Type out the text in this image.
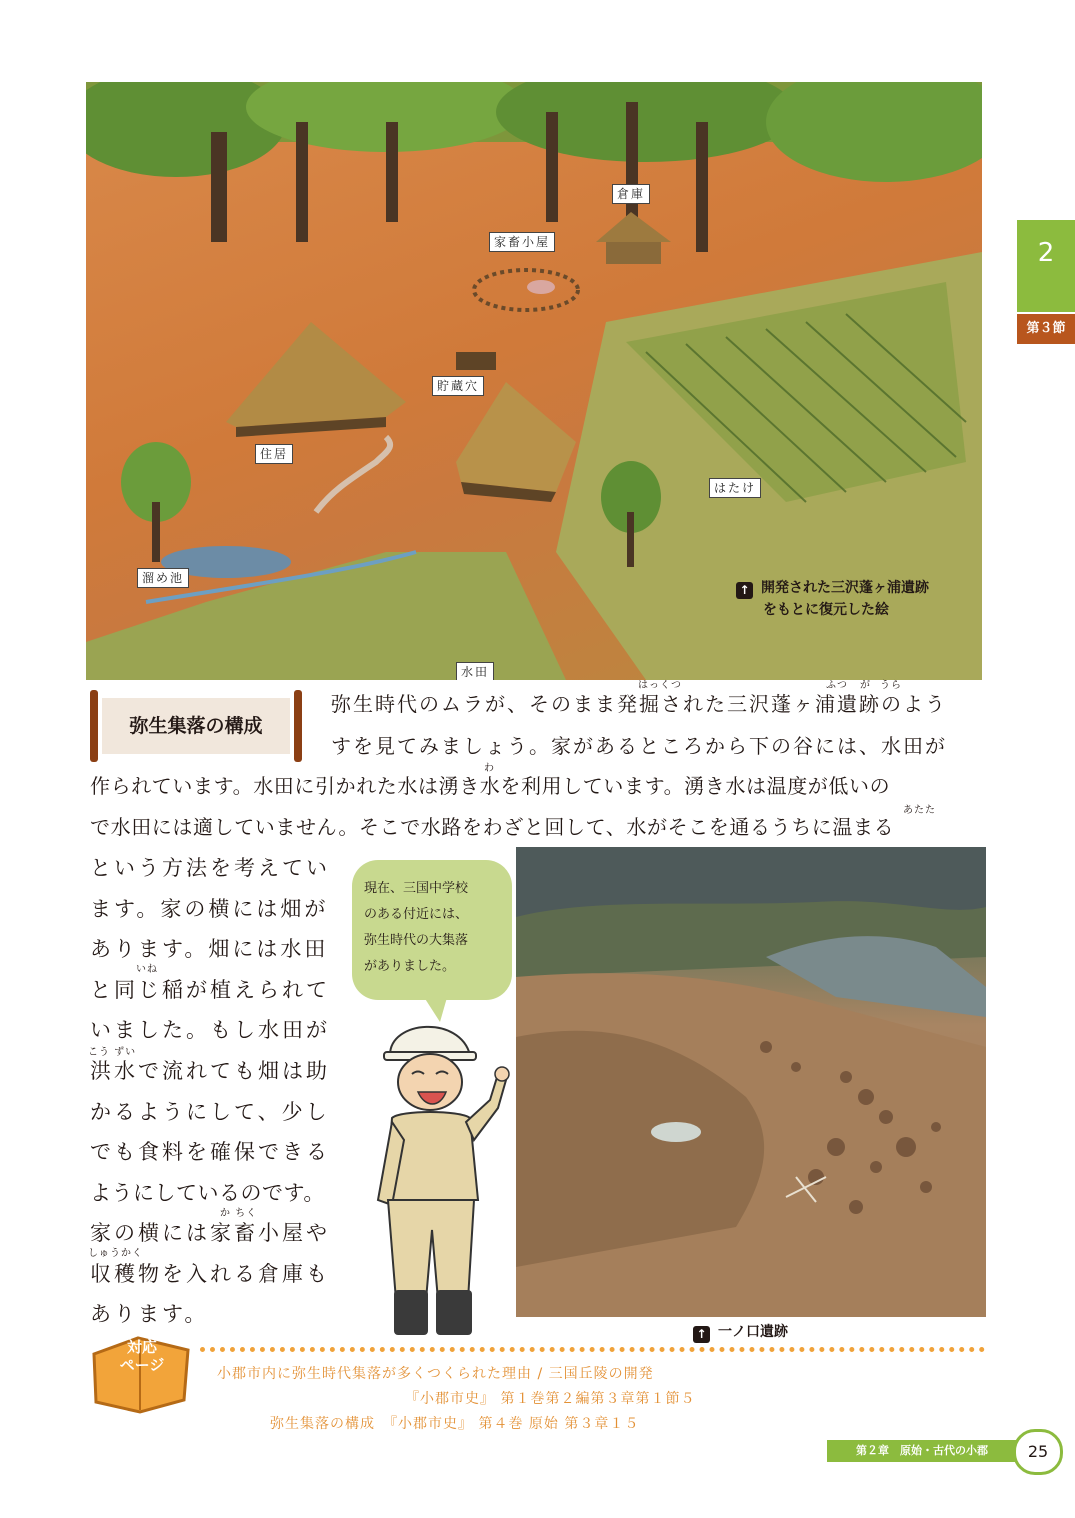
倉庫
家畜小屋
貯蔵穴
住居
はたけ
溜め池
水田
↑ 開発された三沢蓬ヶ浦遺跡
をもとに復元した絵
2
第３節
弥生集落の構成
はっくつ	ふつ が うら
わ
あたた
いね
こう ずい
か ちく
しゅうかく
弥生時代のムラが、そのまま発掘された三沢蓬ヶ浦遺跡のよう
すを見てみましょう。家があるところから下の谷には、水田が
作られています。水田に引かれた水は湧き水を利用しています。湧き水は温度が低いの
で水田には適していません。そこで水路をわざと回して、水がそこを通るうちに温まる
という方法を考えてい
ます。家の横には畑が
あります。畑には水田
と同じ稲が植えられて
いました。もし水田が
洪水で流れても畑は助
かるようにして、少し
でも食料を確保できる
ようにしているのです。
家の横には家畜小屋や
収穫物を入れる倉庫も
あります。
↑ 一ノ口遺跡
現在、三国中学校
のある付近には、
弥生時代の大集落
がありました。
対応
ページ	小郡市内に弥生時代集落が多くつくられた理由 / 三国丘陵の開発
『小郡市史』 第１巻第２編第３章第１節５
弥生集落の構成　『小郡市史』 第４巻 原始 第３章１５
第２章　原始・古代の小郡	25
